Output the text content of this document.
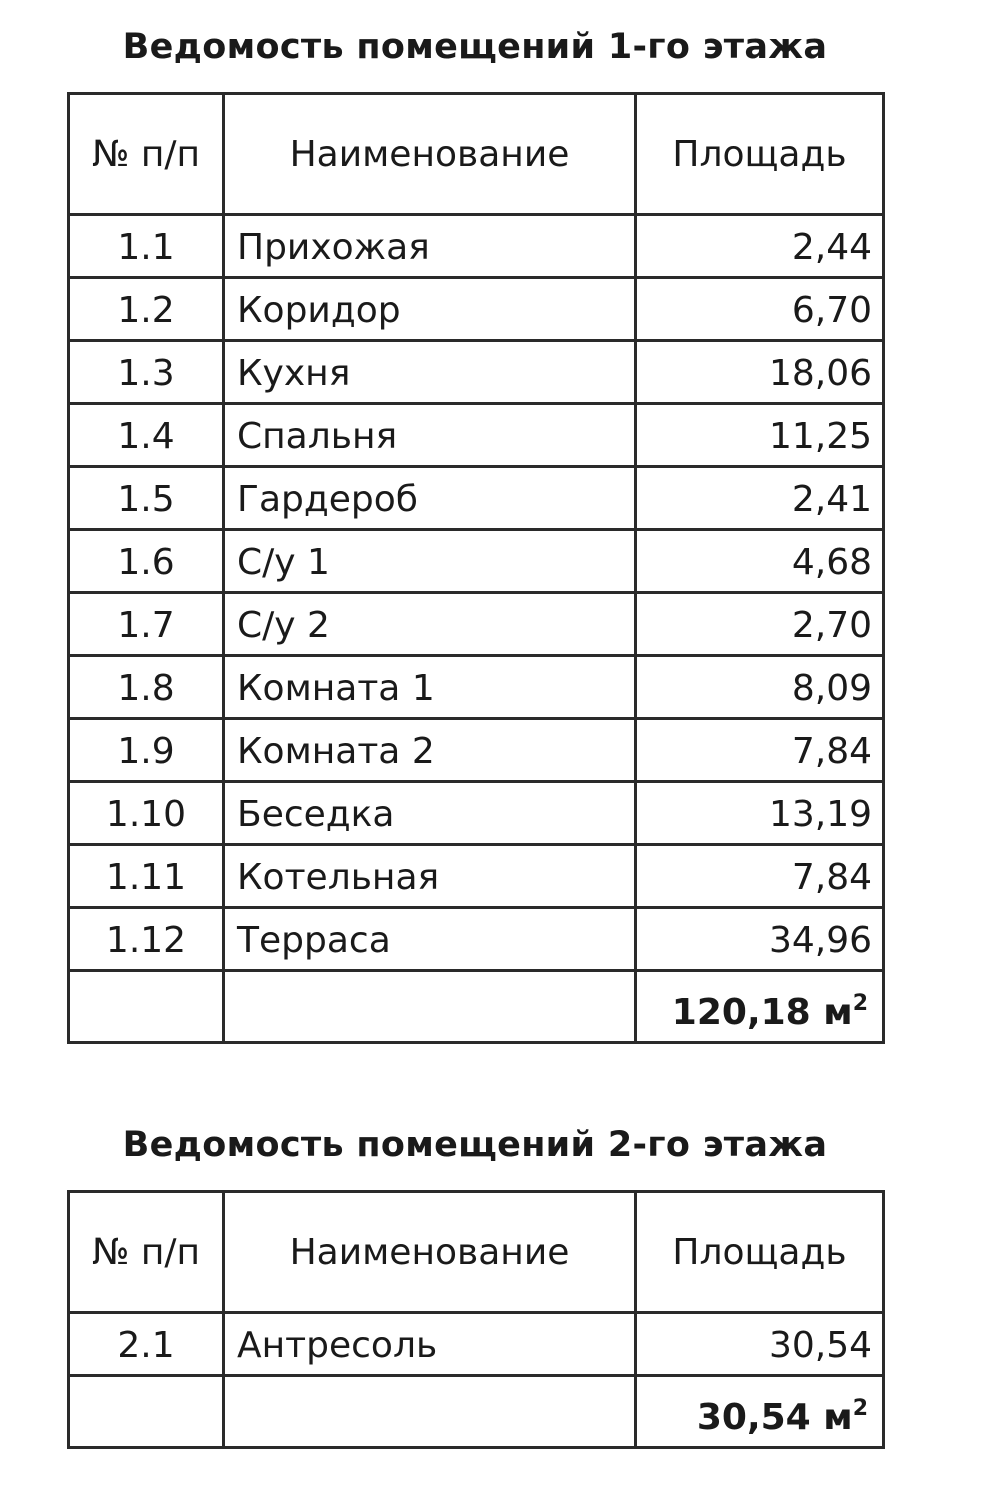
Ведомость помещений 1-го этажа
№ п/п	Наименование	Площадь
1.1	Прихожая	2,44
1.2	Коридор	6,70
1.3	Кухня	18,06
1.4	Спальня	11,25
1.5	Гардероб	2,41
1.6	С/у 1	4,68
1.7	С/у 2	2,70
1.8	Комната 1	8,09
1.9	Комната 2	7,84
1.10	Беседка	13,19
1.11	Котельная	7,84
1.12	Терраса	34,96
		120,18 $м^2$
Ведомость помещений 2-го этажа
№ п/п	Наименование	Площадь
2.1	Антресоль	30,54
		30,54 $м^2$
